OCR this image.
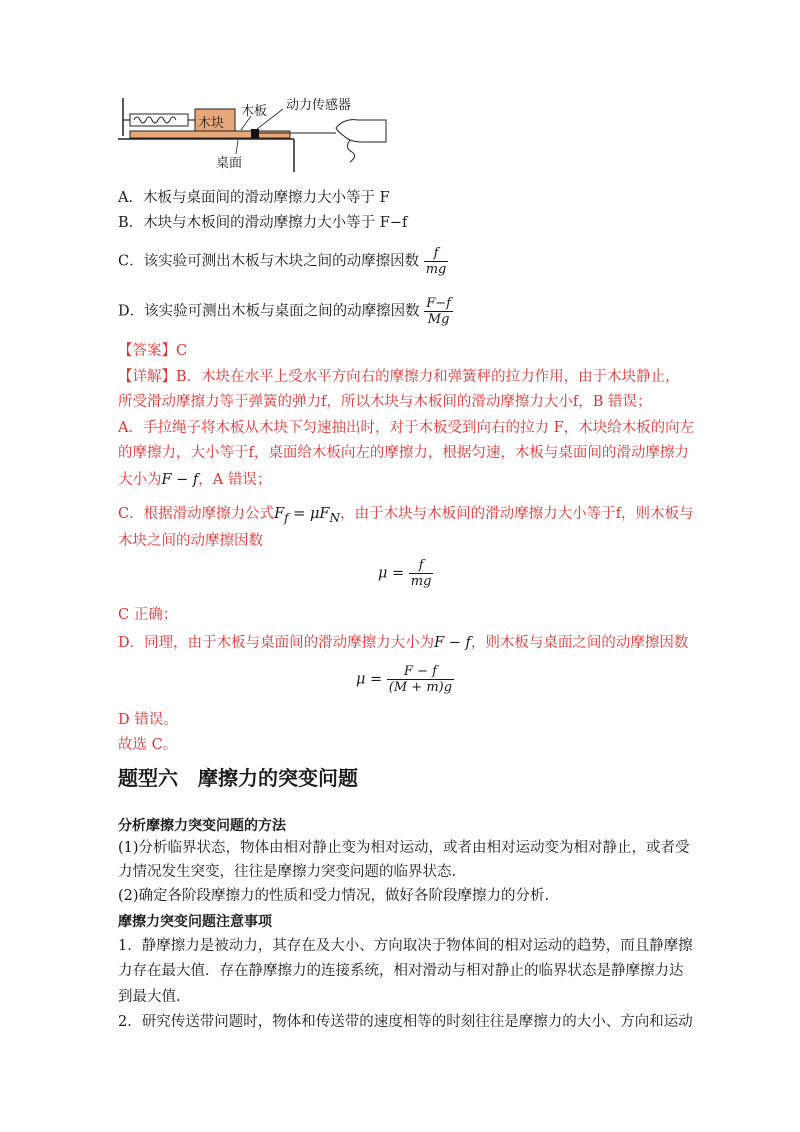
木块
木板 动力传感器
桌面
A．木板与桌面间的滑动摩擦力大小等于 F
B．木块与木板间的滑动摩擦力大小等于 F−f
C．该实验可测出木板与木块之间的动摩擦因数 $\frac{f}{mg}$
D．该实验可测出木板与桌面之间的动摩擦因数 $\frac{F-f}{Mg}$
【答案】C
【详解】B．木块在水平上受水平方向右的摩擦力和弹簧秤的拉力作用，由于木块静止，
所受滑动摩擦力等于弹簧的弹力f，所以木块与木板间的滑动摩擦力大小f，B 错误；
A．手拉绳子将木板从木块下匀速抽出时，对于木板受到向右的拉力 F，木块给木板的向左
的摩擦力，大小等于f，桌面给木板向左的摩擦力，根据匀速，木板与桌面间的滑动摩擦力
大小为F − f，A 错误；
C．根据滑动摩擦力公式$F_f = \mu F_N$，由于木块与木板间的滑动摩擦力大小等于f，则木板与
木块之间的动摩擦因数
$\mu = \frac{f}{mg}$
C 正确；
D．同理，由于木板与桌面间的滑动摩擦力大小为F − f，则木板与桌面之间的动摩擦因数
$\mu = \frac{F - f}{(M + m)g}$
D 错误。
故选 C。
题型六　摩擦力的突变问题
分析摩擦力突变问题的方法
(1)分析临界状态，物体由相对静止变为相对运动，或者由相对运动变为相对静止，或者受
力情况发生突变，往往是摩擦力突变问题的临界状态.
(2)确定各阶段摩擦力的性质和受力情况，做好各阶段摩擦力的分析.
摩擦力突变问题注意事项
1．静摩擦力是被动力，其存在及大小、方向取决于物体间的相对运动的趋势，而且静摩擦
力存在最大值．存在静摩擦力的连接系统，相对滑动与相对静止的临界状态是静摩擦力达
到最大值.
2．研究传送带问题时，物体和传送带的速度相等的时刻往往是摩擦力的大小、方向和运动
